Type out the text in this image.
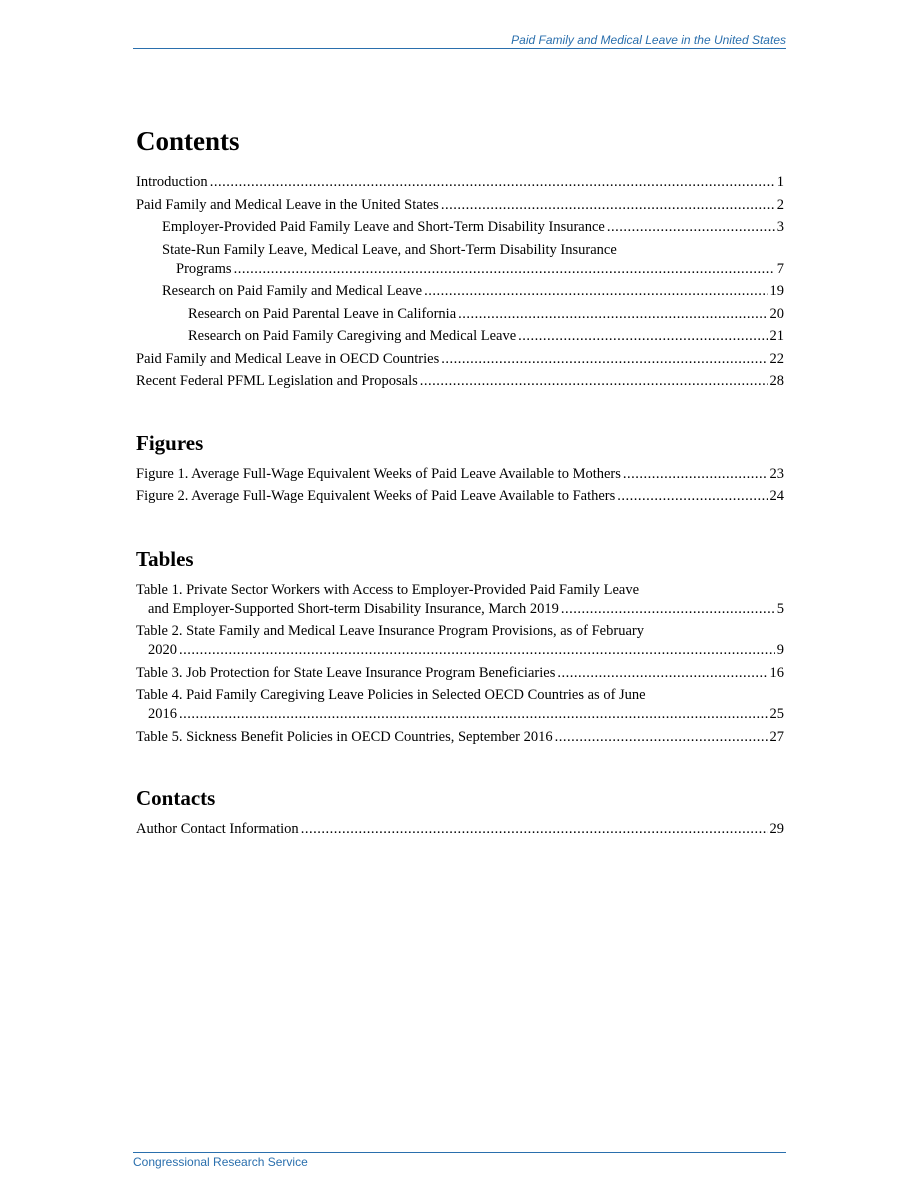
Paid Family and Medical Leave in the United States
Contents
Introduction .....	1
Paid Family and Medical Leave in the United States .....	2
Employer-Provided Paid Family Leave and Short-Term Disability Insurance .....	3
State-Run Family Leave, Medical Leave, and Short-Term Disability Insurance
Programs .....	7
Research on Paid Family and Medical Leave .....	19
Research on Paid Parental Leave in California .....	20
Research on Paid Family Caregiving and Medical Leave .....	21
Paid Family and Medical Leave in OECD Countries .....	22
Recent Federal PFML Legislation and Proposals .....	28
Figures
Figure 1. Average Full-Wage Equivalent Weeks of Paid Leave Available to Mothers .....	23
Figure 2. Average Full-Wage Equivalent Weeks of Paid Leave Available to Fathers .....	24
Tables
Table 1. Private Sector Workers with Access to Employer-Provided Paid Family Leave
and Employer-Supported Short-term Disability Insurance, March 2019 .....	5
Table 2. State Family and Medical Leave Insurance Program Provisions, as of February
2020 .....	9
Table 3. Job Protection for State Leave Insurance Program Beneficiaries .....	16
Table 4. Paid Family Caregiving Leave Policies in Selected OECD Countries as of June
2016 .....	25
Table 5. Sickness Benefit Policies in OECD Countries, September 2016 .....	27
Contacts
Author Contact Information .....	29
Congressional Research Service
